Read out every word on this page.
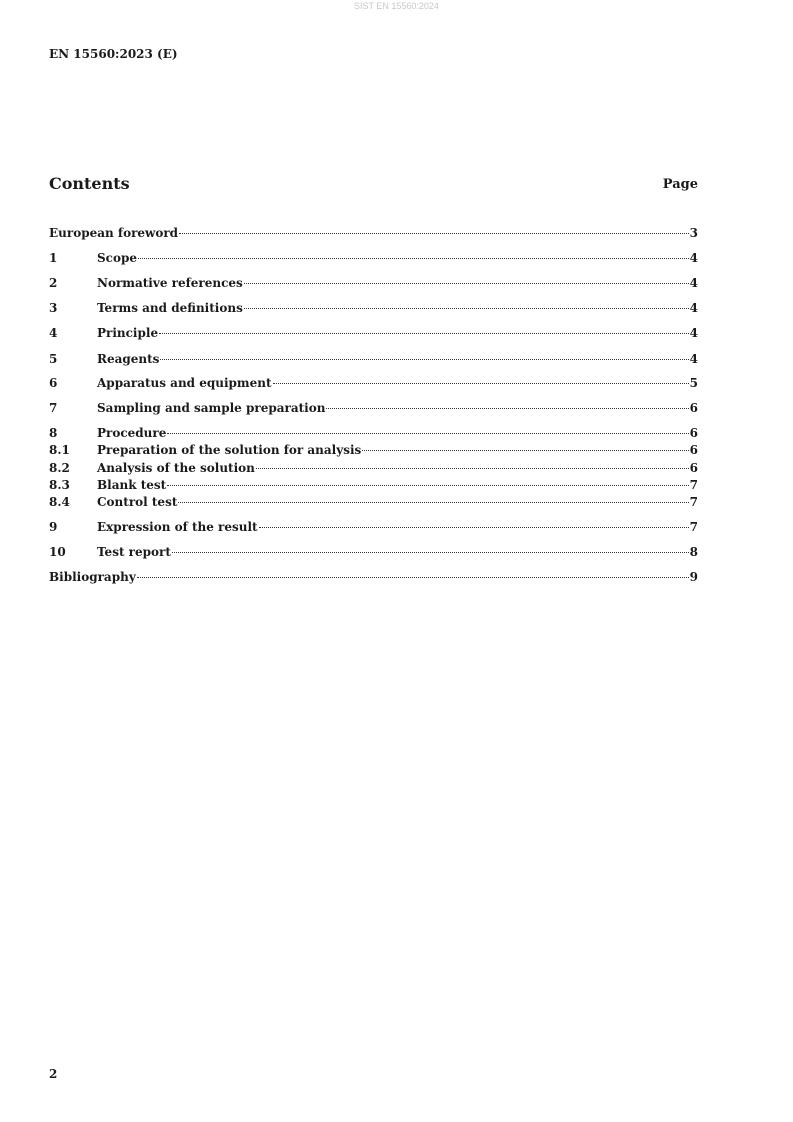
SIST EN 15560:2024
EN 15560:2023 (E)
Contents	Page
European foreword	3
1	Scope	4
2	Normative references	4
3	Terms and definitions	4
4	Principle	4
5	Reagents	4
6	Apparatus and equipment	5
7	Sampling and sample preparation	6
8	Procedure	6
8.1	Preparation of the solution for analysis	6
8.2	Analysis of the solution	6
8.3	Blank test	7
8.4	Control test	7
9	Expression of the result	7
10	Test report	8
Bibliography	9
2
